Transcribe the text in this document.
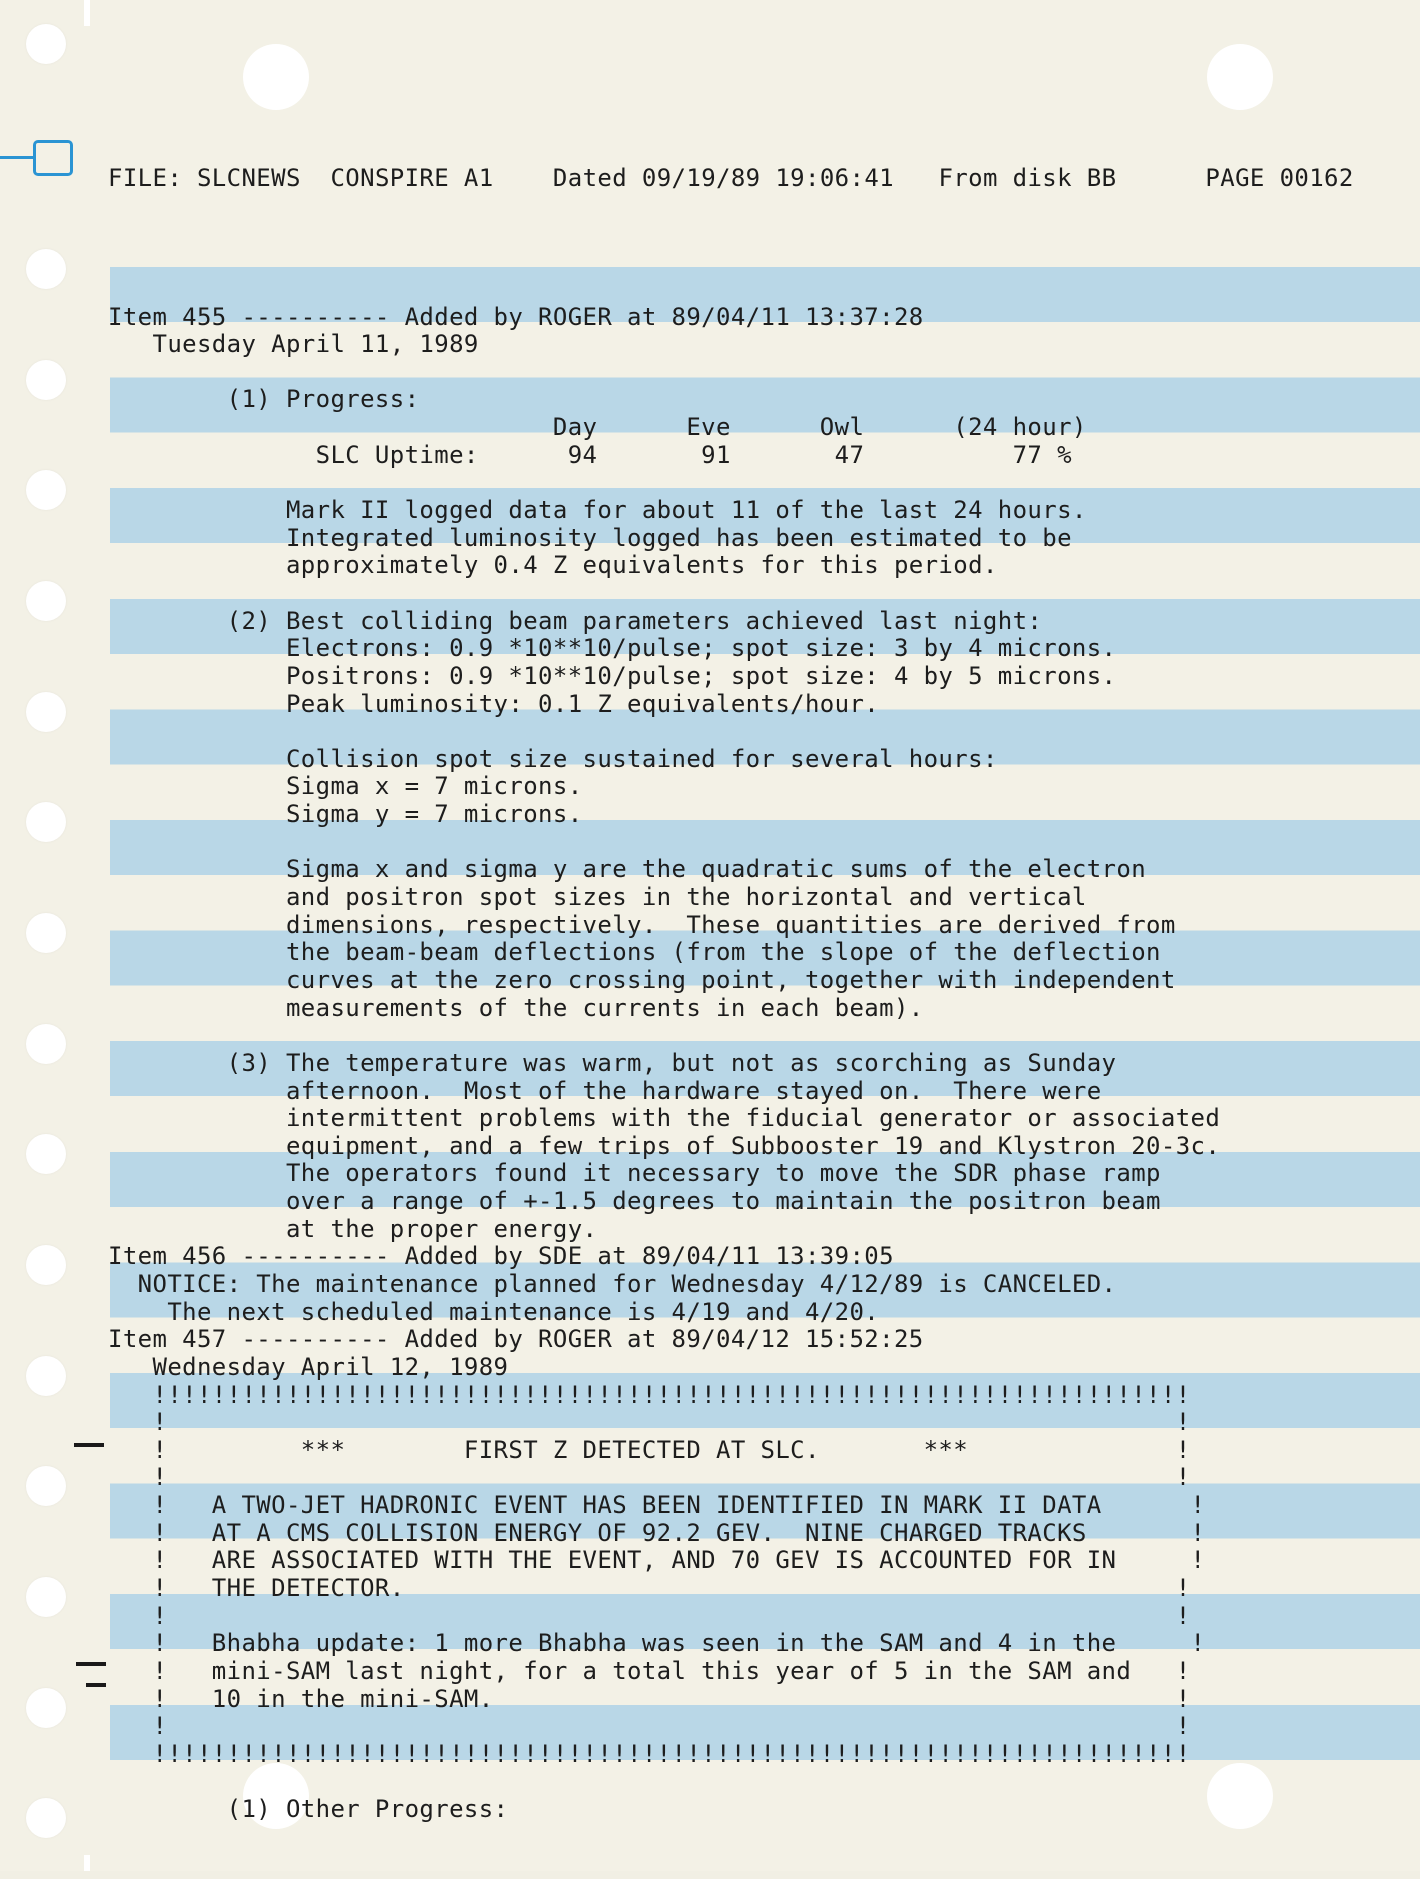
FILE: SLCNEWS CONSPIRE A1 Dated 09/19/89 19:06:41 From disk BB	PAGE 00162

Item 455 ---------- Added by ROGER at 89/04/11 13:37:28
Tuesday April 11, 1989
(1) Progress:
Day      Eve      Owl      (24 hour)
SLC Uptime:      94       91       47          77 %
Mark II logged data for about 11 of the last 24 hours.
Integrated luminosity logged has been estimated to be
approximately 0.4 Z equivalents for this period.
(2) Best colliding beam parameters achieved last night:
Electrons: 0.9 *10**10/pulse; spot size: 3 by 4 microns.
Positrons: 0.9 *10**10/pulse; spot size: 4 by 5 microns.
Peak luminosity: 0.1 Z equivalents/hour.
Collision spot size sustained for several hours:
Sigma x = 7 microns.
Sigma y = 7 microns.
Sigma x and sigma y are the quadratic sums of the electron
and positron spot sizes in the horizontal and vertical
dimensions, respectively.  These quantities are derived from
the beam-beam deflections (from the slope of the deflection
curves at the zero crossing point, together with independent
measurements of the currents in each beam).
(3) The temperature was warm, but not as scorching as Sunday
afternoon.  Most of the hardware stayed on.  There were
intermittent problems with the fiducial generator or associated
equipment, and a few trips of Subbooster 19 and Klystron 20-3c.
The operators found it necessary to move the SDR phase ramp
over a range of +-1.5 degrees to maintain the positron beam
at the proper energy.
Item 456 ---------- Added by SDE at 89/04/11 13:39:05
NOTICE: The maintenance planned for Wednesday 4/12/89 is CANCELED.
The next scheduled maintenance is 4/19 and 4/20.
Item 457 ---------- Added by ROGER at 89/04/12 15:52:25
Wednesday April 12, 1989
!!!!!!!!!!!!!!!!!!!!!!!!!!!!!!!!!!!!!!!!!!!!!!!!!!!!!!!!!!!!!!!!!!!!!!
!                                                                    !
!         ***        FIRST Z DETECTED AT SLC.       ***              !
!                                                                    !
!   A TWO-JET HADRONIC EVENT HAS BEEN IDENTIFIED IN MARK II DATA      !
!   AT A CMS COLLISION ENERGY OF 92.2 GEV.  NINE CHARGED TRACKS       !
!   ARE ASSOCIATED WITH THE EVENT, AND 70 GEV IS ACCOUNTED FOR IN     !
!   THE DETECTOR.                                                    !
!                                                                    !
!   Bhabha update: 1 more Bhabha was seen in the SAM and 4 in the     !
!   mini-SAM last night, for a total this year of 5 in the SAM and   !
!   10 in the mini-SAM.                                              !
!                                                                    !
!!!!!!!!!!!!!!!!!!!!!!!!!!!!!!!!!!!!!!!!!!!!!!!!!!!!!!!!!!!!!!!!!!!!!!
(1) Other Progress:
